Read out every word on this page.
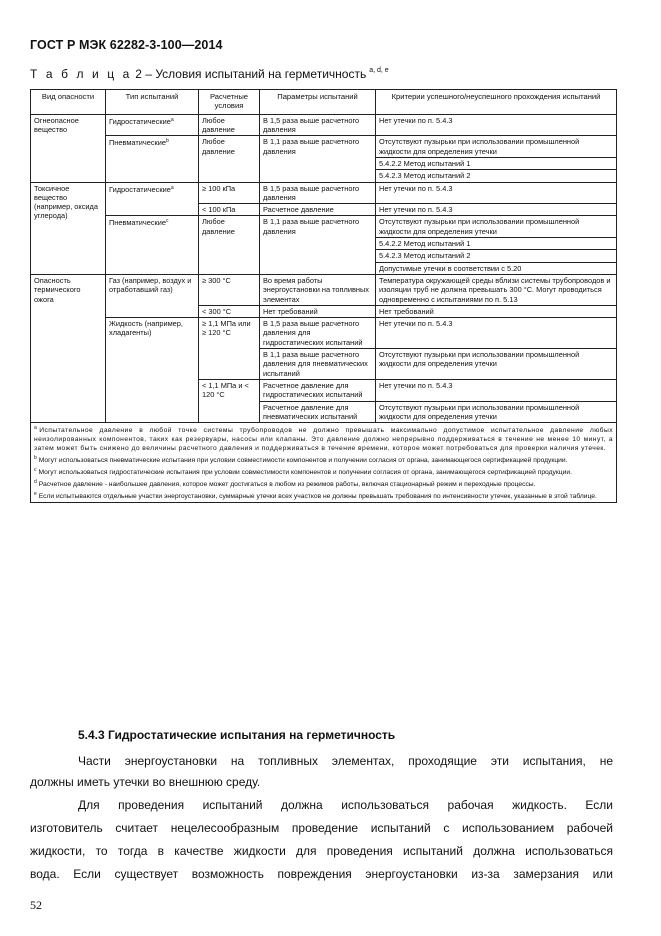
ГОСТ Р МЭК 62282-3-100—2014
Т а б л и ц а 2 – Условия испытаний на герметичность $^{a, d, e}$
Вид опасности	Тип испытаний	Расчетные условия	Параметры испытаний	Критерии успешного/неуспешного прохождения испытаний
Огнеопасное вещество	Гидростатические$^a$	Любое давление	В 1,5 раза выше расчетного давления	Нет утечки по п. 5.4.3
	Пневматические$^b$	Любое давление	В 1,1 раза выше расчетного давления	Отсутствуют пузырьки при использовании промышленной жидкости для определения утечки
				5.4.2.2 Метод испытаний 1
				5.4.2.3 Метод испытаний 2
Токсичное вещество (например, оксида углерода)	Гидростатические$^a$	≥ 100 кПа	В 1,5 раза выше расчетного давления	Нет утечки по п. 5.4.3
		< 100 кПа	Расчетное давление	Нет утечки по п. 5.4.3
	Пневматические$^c$	Любое давление	В 1,1 раза выше расчетного давления	Отсутствуют пузырьки при использовании промышленной жидкости для определения утечки
				5.4.2.2 Метод испытаний 1
				5.4.2.3 Метод испытаний 2
				Допустимые утечки в соответствии с 5.20
Опасность термического ожога	Газ (например, воздух и отработавший газ)	≥ 300 °С	Во время работы энергоустановки на топливных элементах	Температура окружающей среды вблизи системы трубопроводов и изоляции труб не должна превышать 300 °С. Могут проводиться одновременно с испытаниями по п. 5.13
		< 300 °С	Нет требований	Нет требований
	Жидкость (например, хладагенты)	≥ 1,1 МПа или ≥ 120 °С	В 1,5 раза выше расчетного давления для гидростатических испытаний	Нет утечки по п. 5.4.3
			В 1,1 раза выше расчетного давления для пневматических испытаний	Отсутствуют пузырьки при использовании промышленной жидкости для определения утечки
		< 1,1 МПа и < 120 °С	Расчетное давление для гидростатических испытаний	Нет утечки по п. 5.4.3
			Расчетное давление для пневматических испытаний	Отсутствуют пузырьки при использовании промышленной жидкости для определения утечки

$^a$ Испытательное давление в любой точке системы трубопроводов не должно превышать максимально допустимое испытательное давление любых неизолированных компонентов, таких как резервуары, насосы или клапаны. Это давление должно непрерывно поддерживаться в течение не менее 10 минут, а затем может быть снижено до величины расчетного давления и поддерживаться в течение времени, которое может потребоваться для проверки наличия утечек.

$^b$ Могут использоваться пневматические испытания при условии совместимости компонентов и получении согласия от органа, занимающегося сертификацией продукции.

$^c$ Могут использоваться гидростатические испытания при условии совместимости компонентов и получении согласия от органа, занимающегося сертификацией продукции.

$^d$ Расчетное давление - наибольшее давления, которое может достигаться в любом из режимов работы, включая стационарный режим и переходные процессы.

$^e$ Если испытываются отдельные участки энергоустановки, суммарные утечки всех участков не должны превышать требования по интенсивности утечек, указанные в этой таблице.				

5.4.3 Гидростатические испытания на герметичность
Части энергоустановки на топливных элементах, проходящие эти испытания, не
должны иметь утечки во внешнюю среду.
Для проведения испытаний должна использоваться рабочая жидкость. Если
изготовитель считает нецелесообразным проведение испытаний с использованием рабочей
жидкости, то тогда в качестве жидкости для проведения испытаний должна использоваться
вода. Если существует возможность повреждения энергоустановки из-за замерзания или
52
